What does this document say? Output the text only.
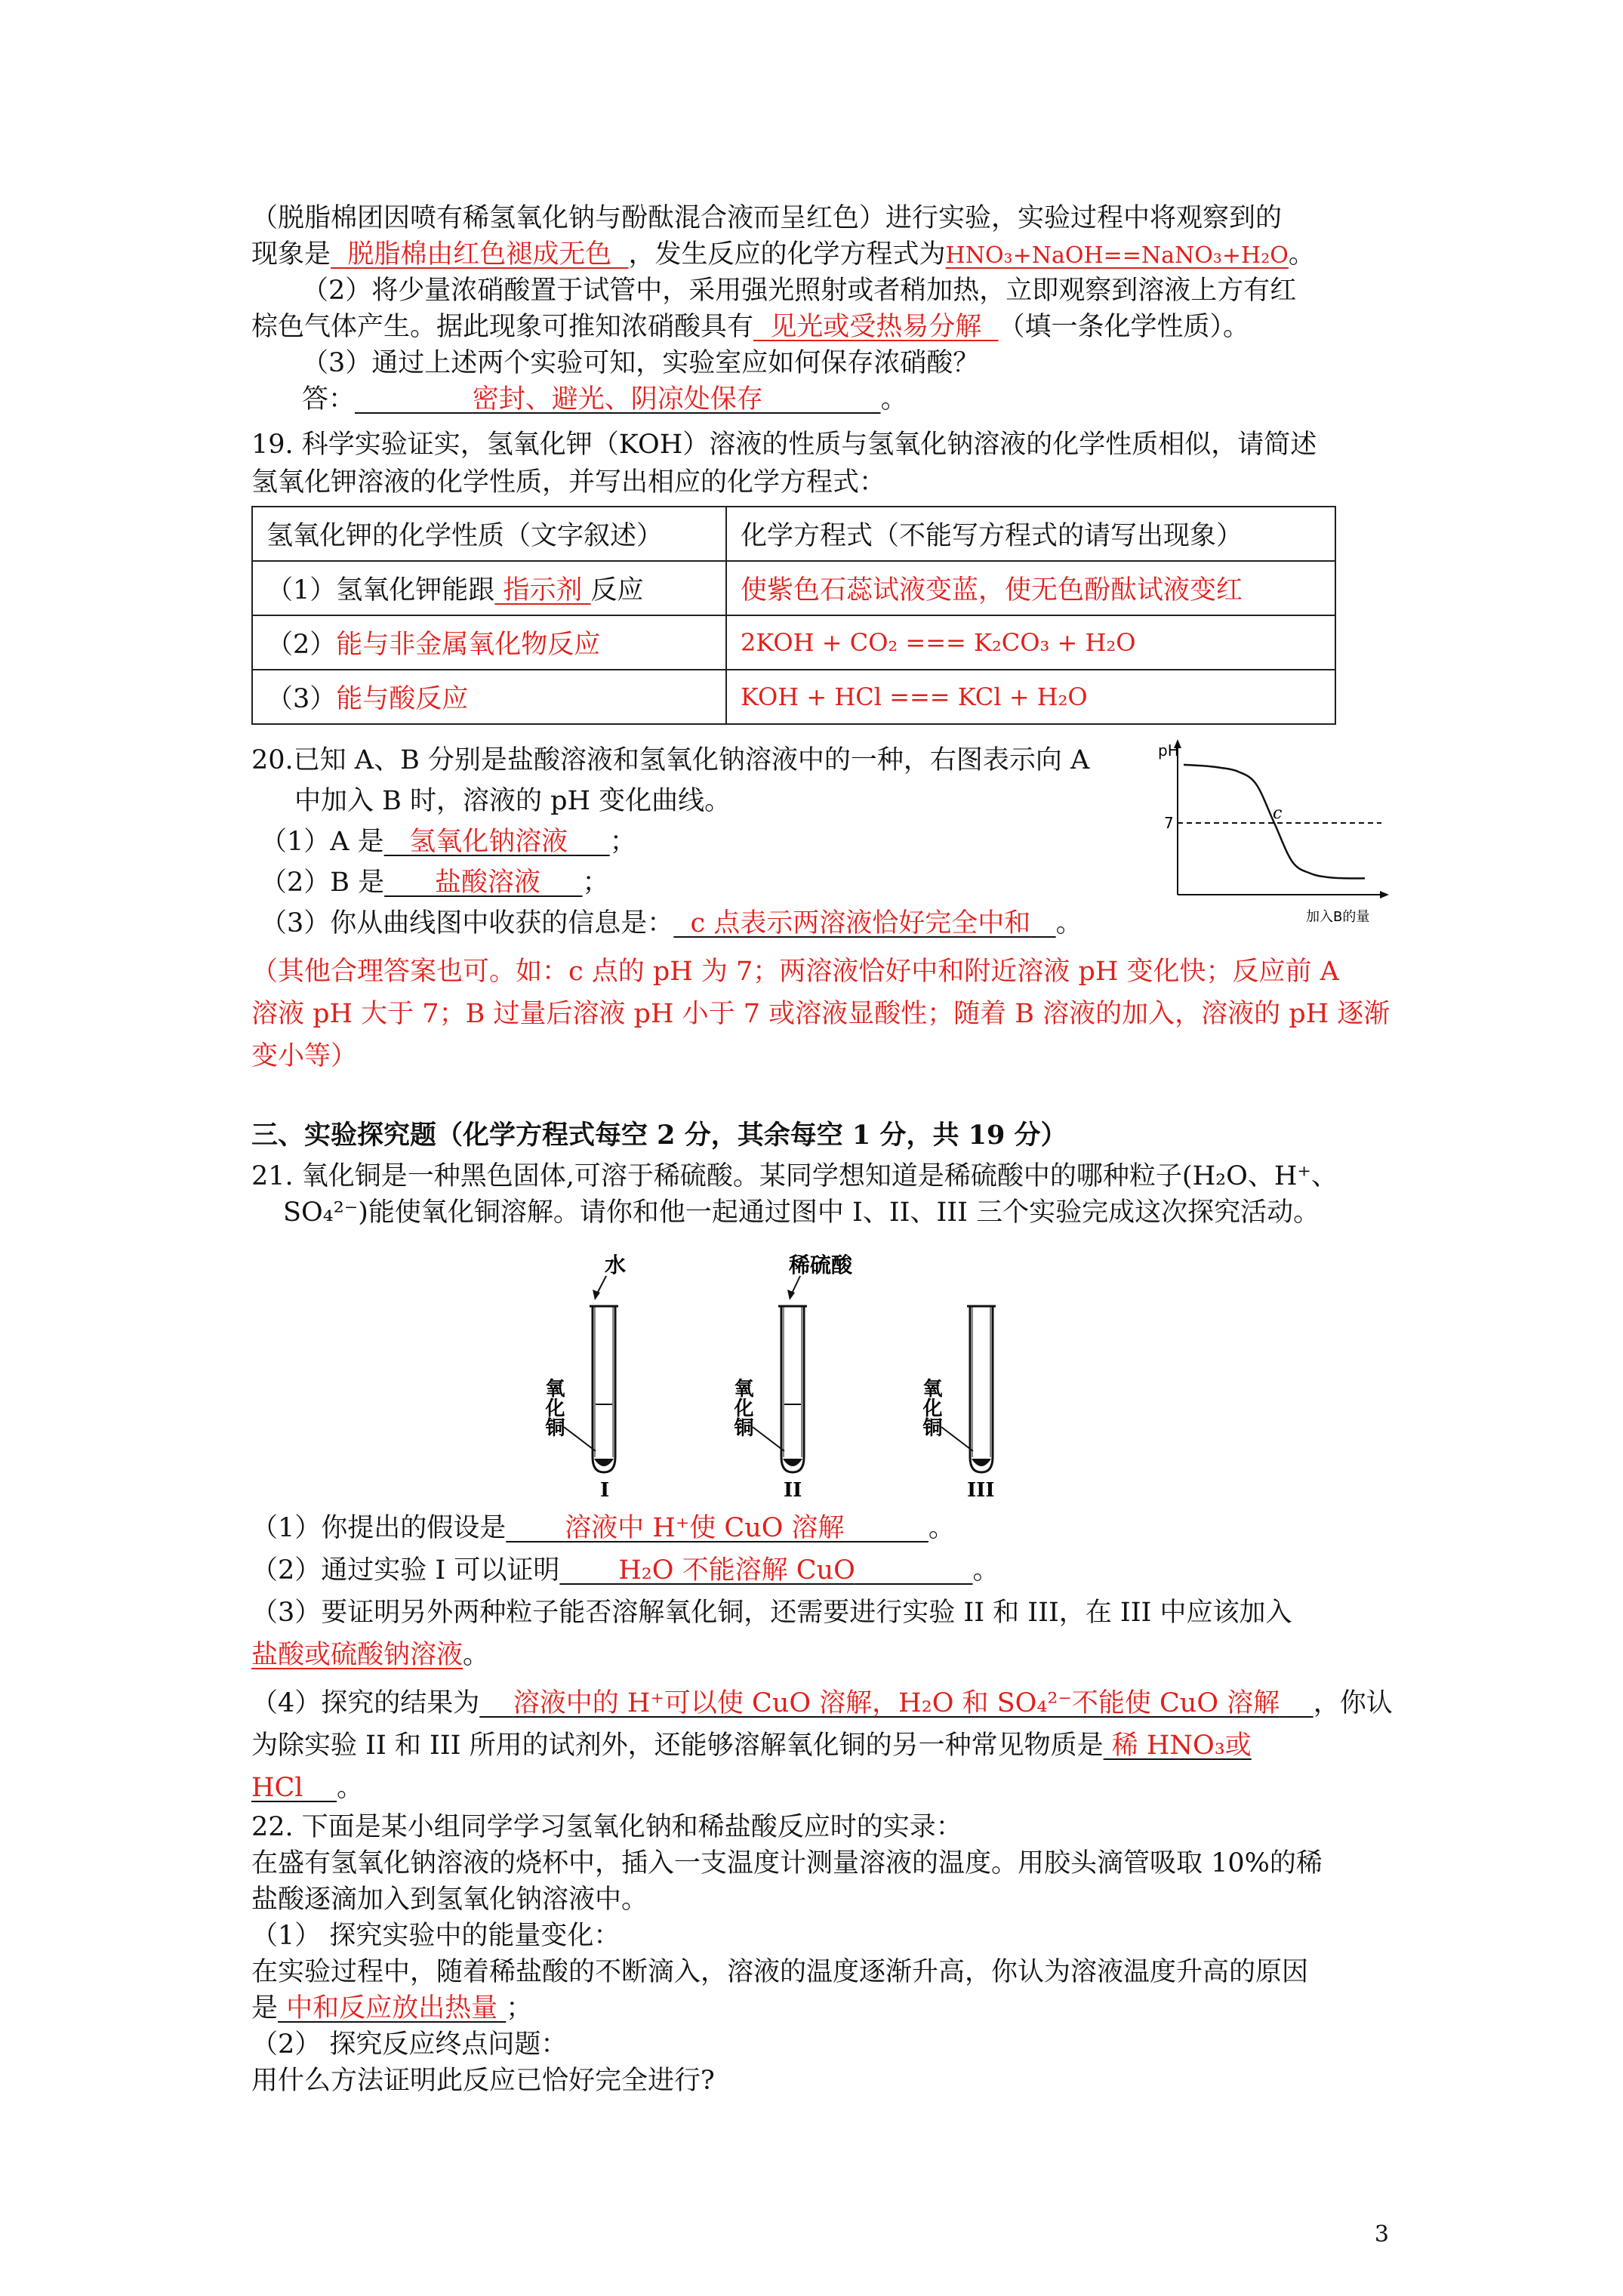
（脱脂棉团因喷有稀氢氧化钠与酚酞混合液而呈红色）进行实验，实验过程中将观察到的
现象是  脱脂棉由红色褪成无色  ，发生反应的化学方程式为HNO₃+NaOH==NaNO₃+H₂O。
（2）将少量浓硝酸置于试管中，采用强光照射或者稍加热，立即观察到溶液上方有红
棕色气体产生。据此现象可推知浓硝酸具有  见光或受热易分解  （填一条化学性质）。
（3）通过上述两个实验可知，实验室应如何保存浓硝酸？
答：	密封、避光、阴凉处保存	。
19. 科学实验证实，氢氧化钾（KOH）溶液的性质与氢氧化钠溶液的化学性质相似，请简述
氢氧化钾溶液的化学性质，并写出相应的化学方程式：
氢氧化钾的化学性质（文字叙述）	化学方程式（不能写方程式的请写出现象）
（1）氢氧化钾能跟 指示剂 反应	使紫色石蕊试液变蓝，使无色酚酞试液变红
（2）能与非金属氧化物反应	2KOH + CO₂ === K₂CO₃ + H₂O
（3）能与酸反应	KOH + HCl === KCl + H₂O
20.已知 A、B 分别是盐酸溶液和氢氧化钠溶液中的一种，右图表示向 A
中加入 B 时，溶液的 pH 变化曲线。
（1）A 是 氢氧化钠溶液 ；
（2）B 是 盐酸溶液 ；
（3）你从曲线图中收获的信息是： c 点表示两溶液恰好完全中和 。
（其他合理答案也可。如：c 点的 pH 为 7；两溶液恰好中和附近溶液 pH 变化快；反应前 A
溶液 pH 大于 7；B 过量后溶液 pH 小于 7 或溶液显酸性；随着 B 溶液的加入，溶液的 pH 逐渐
变小等）
pH
7	c
加入B的量
三、实验探究题（化学方程式每空 2 分，其余每空 1 分，共 19 分）
21. 氧化铜是一种黑色固体,可溶于稀硫酸。某同学想知道是稀硫酸中的哪种粒子(H₂O、H⁺、
SO₄²⁻)能使氧化铜溶解。请你和他一起通过图中 I、II、III 三个实验完成这次探究活动。
水
氧化铜
I
稀硫酸
氧化铜
II
氧化铜
III
（1）你提出的假设是 溶液中 H⁺使 CuO 溶解	。
（2）通过实验 I 可以证明 H₂O 不能溶解 CuO	。
（3）要证明另外两种粒子能否溶解氧化铜，还需要进行实验 II 和 III，在 III 中应该加入
盐酸或硫酸钠溶液。
（4）探究的结果为 溶液中的 H⁺可以使 CuO 溶解，H₂O 和 SO₄²⁻不能使 CuO 溶解 ，你认
为除实验 II 和 III 所用的试剂外，还能够溶解氧化铜的另一种常见物质是 稀 HNO₃或
HCl 。
22. 下面是某小组同学学习氢氧化钠和稀盐酸反应时的实录：
在盛有氢氧化钠溶液的烧杯中，插入一支温度计测量溶液的温度。用胶头滴管吸取 10%的稀
盐酸逐滴加入到氢氧化钠溶液中。
（1） 探究实验中的能量变化：
在实验过程中，随着稀盐酸的不断滴入，溶液的温度逐渐升高，你认为溶液温度升高的原因
是 中和反应放出热量 ；
（2） 探究反应终点问题：
用什么方法证明此反应已恰好完全进行?
3
